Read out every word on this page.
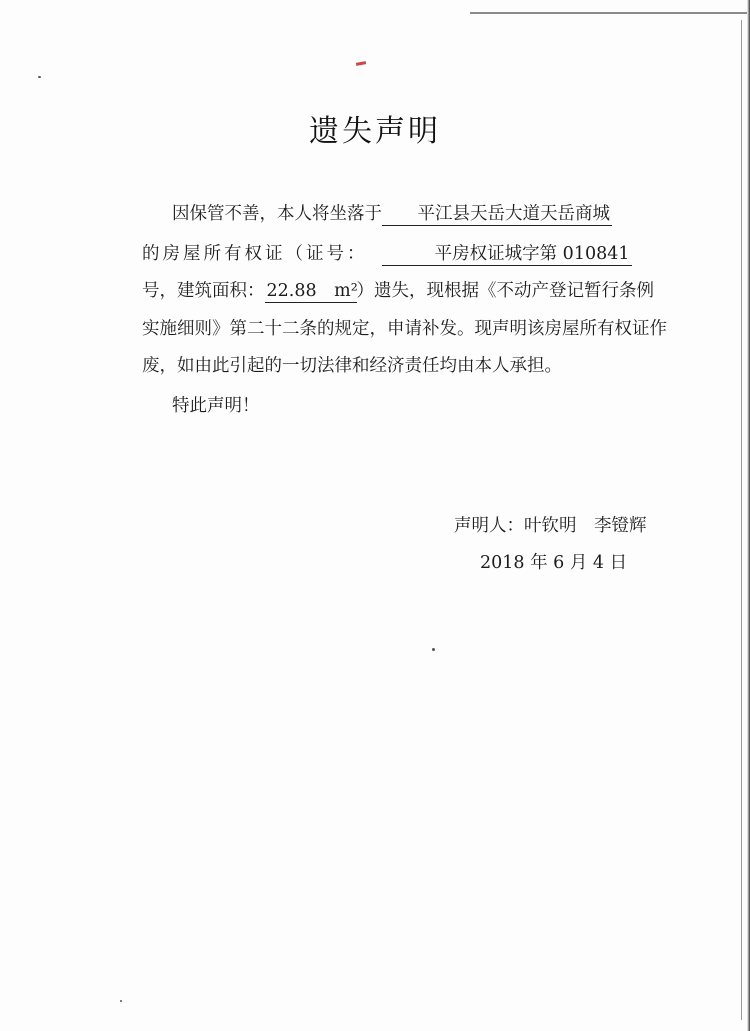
遗失声明
因保管不善，本人将坐落于 平江县天岳大道天岳商城
的房屋所有权证（证号：	平房权证城字第 010841
号，建筑面积： 22.88　m²）遗失，现根据《不动产登记暂行条例
实施细则》第二十二条的规定，申请补发。现声明该房屋所有权证作
废，如由此引起的一切法律和经济责任均由本人承担。
特此声明！
声明人：叶钦明　李镫辉
2018 年 6 月 4 日
